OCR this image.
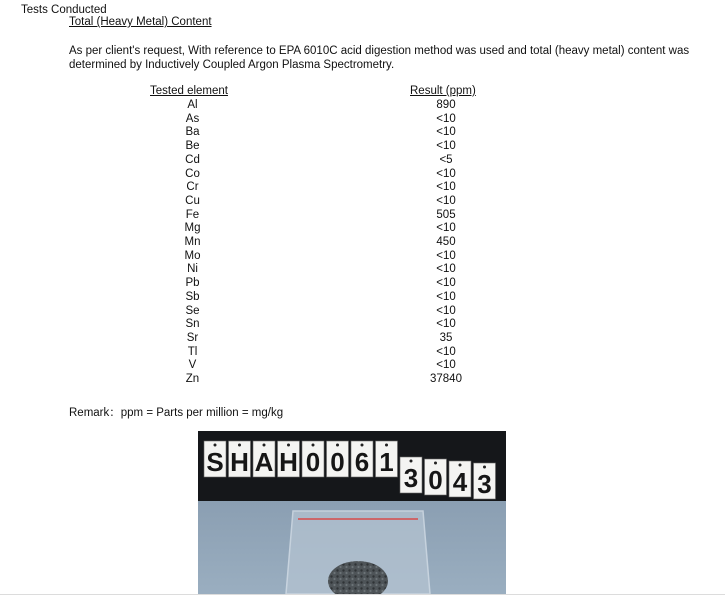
Tests Conducted
Total (Heavy Metal) Content
As per client's request, With reference to EPA 6010C acid digestion method was used and total (heavy metal) content was determined by Inductively Coupled Argon Plasma Spectrometry.
Tested element	Result (ppm)
Al	890
As	<10
Ba	<10
Be	<10
Cd	<5
Co	<10
Cr	<10
Cu	<10
Fe	505
Mg	<10
Mn	450
Mo	<10
Ni	<10
Pb	<10
Sb	<10
Se	<10
Sn	<10
Sr	35
Tl	<10
V	<10
Zn	37840
Remark：ppm = Parts per million = mg/kg
S H A H 0 0 6 1
3 0 4 3
